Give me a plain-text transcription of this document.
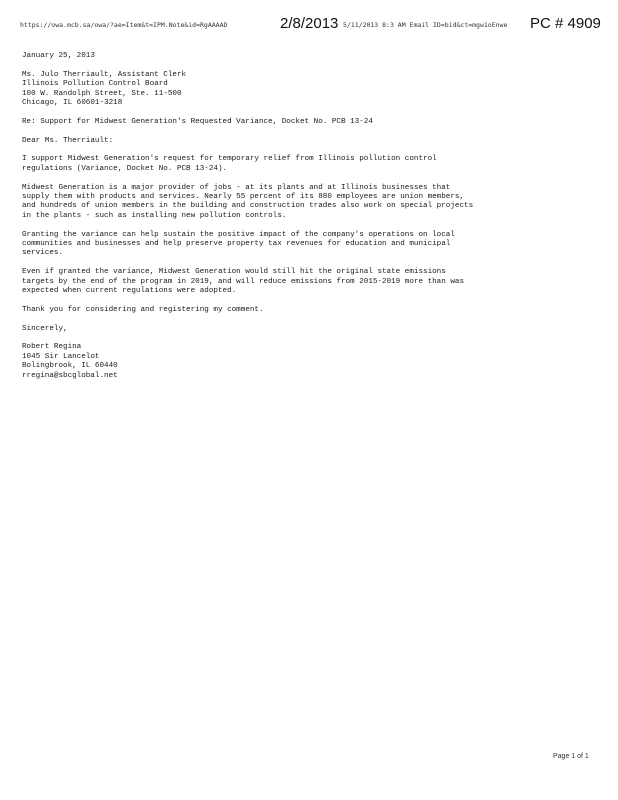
https://owa.mcb.sa/owa/?ae=Item&t=IPM.Note&id=RgAAAAD	2/8/2013 5/11/2013 8:3 AM Email ID=bid&ct=mgw1oEnwe	PC # 4909

January 25, 2013

Ms. Julo Therriault, Assistant Clerk

Illinois Pollution Control Board

100 W. Randolph Street, Ste. 11-500

Chicago, IL 60601-3218

Re: Support for Midwest Generation's Requested Variance, Docket No. PCB 13-24

Dear Ms. Therriault:

I support Midwest Generation's request for temporary relief from Illinois pollution control

regulations (Variance, Docket No. PCB 13-24).

Midwest Generation is a major provider of jobs - at its plants and at Illinois businesses that

supply them with products and services. Nearly 55 percent of its 880 employees are union members,

and hundreds of union members in the building and construction trades also work on special projects

in the plants - such as installing new pollution controls.

Granting the variance can help sustain the positive impact of the company's operations on local

communities and businesses and help preserve property tax revenues for education and municipal

services.

Even if granted the variance, Midwest Generation would still hit the original state emissions

targets by the end of the program in 2019, and will reduce emissions from 2015-2019 more than was

expected when current regulations were adopted.

Thank you for considering and registering my comment.

Sincerely,

Robert Regina

1045 Sir Lancelot

Bolingbrook, IL 60440

rregina@sbcglobal.net

Page 1 of 1
